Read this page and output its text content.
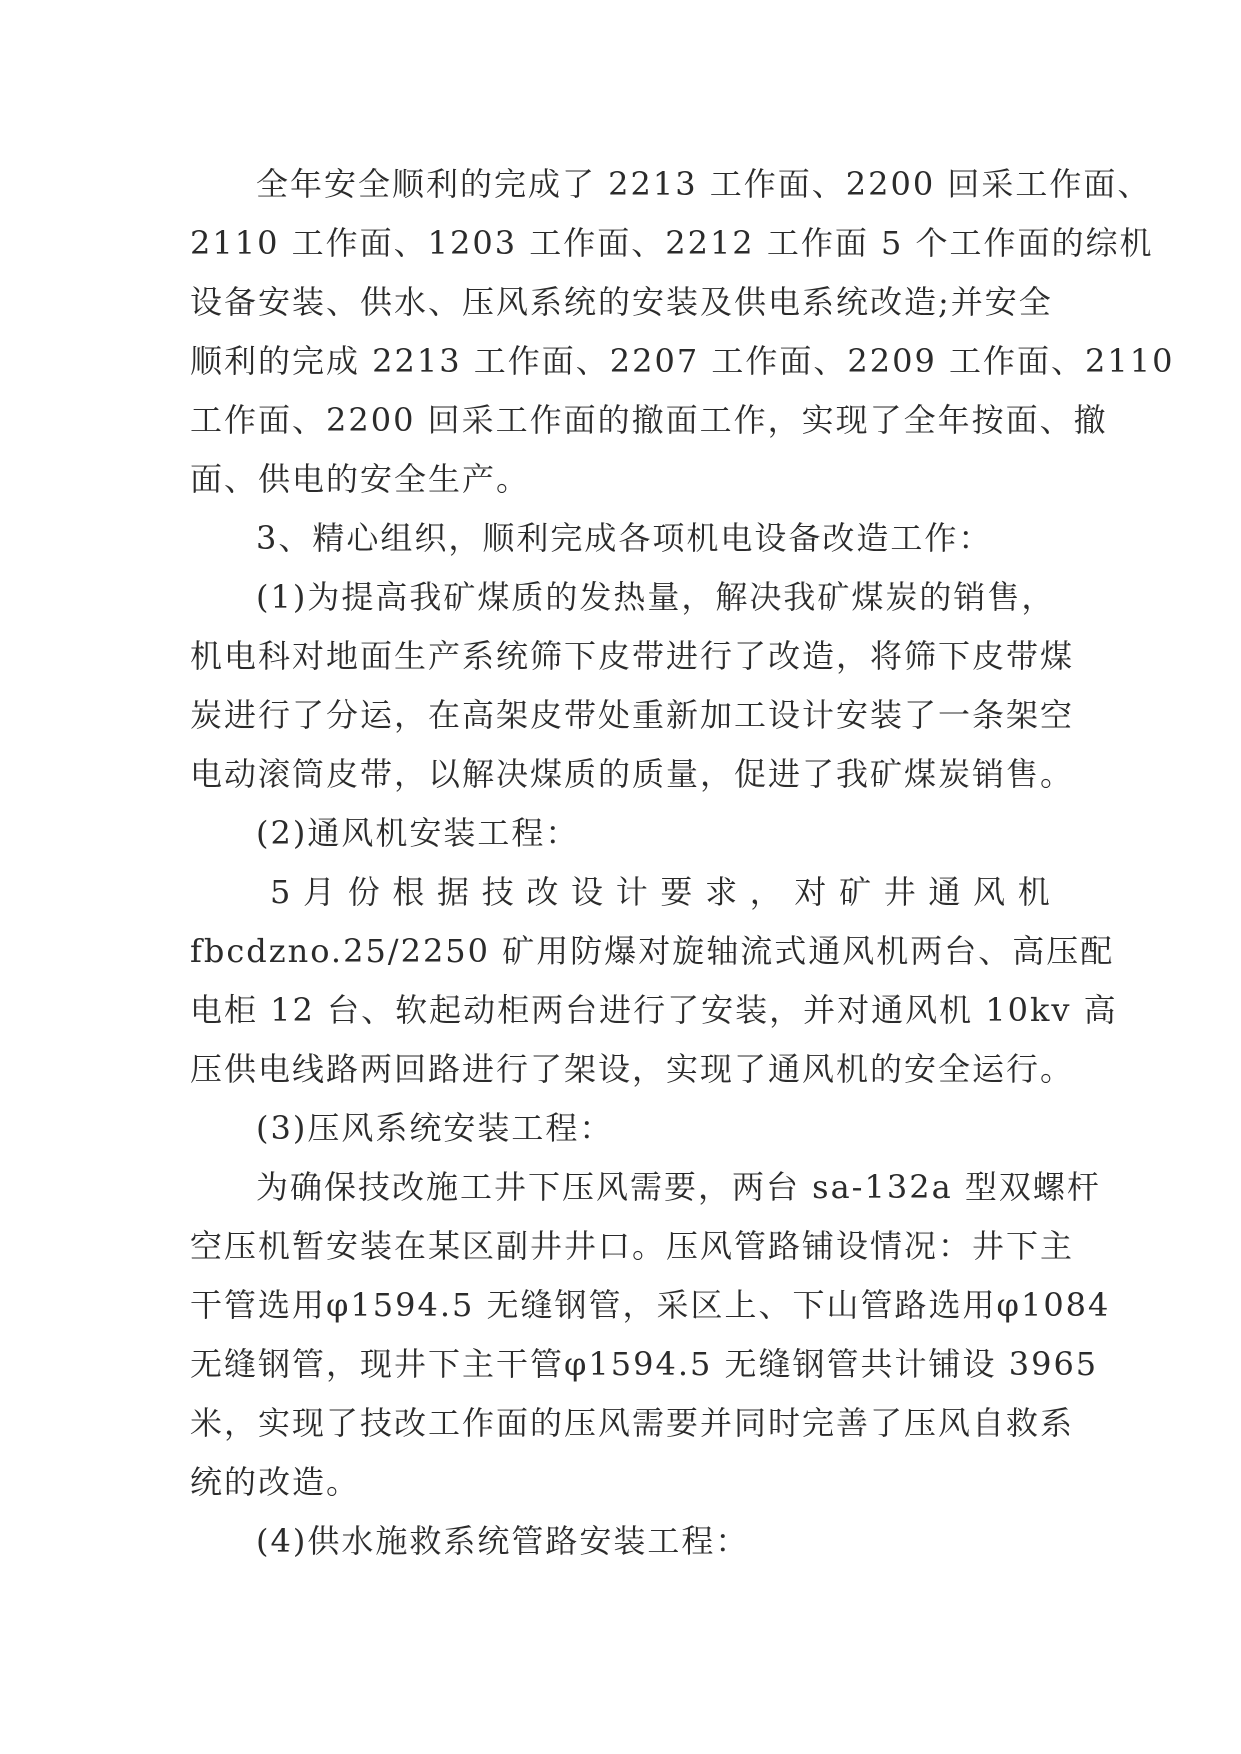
全年安全顺利的完成了 2213 工作面、2200 回采工作面、
2110 工作面、1203 工作面、2212 工作面 5 个工作面的综机
设备安装、供水、压风系统的安装及供电系统改造;并安全
顺利的完成 2213 工作面、2207 工作面、2209 工作面、2110
工作面、2200 回采工作面的撤面工作，实现了全年按面、撤
面、供电的安全生产。
3、精心组织，顺利完成各项机电设备改造工作：
(1)为提高我矿煤质的发热量，解决我矿煤炭的销售，
机电科对地面生产系统筛下皮带进行了改造，将筛下皮带煤
炭进行了分运，在高架皮带处重新加工设计安装了一条架空
电动滚筒皮带，以解决煤质的质量，促进了我矿煤炭销售。
(2)通风机安装工程：
5 月 份 根 据 技 改 设 计 要 求 ， 对 矿 井 通 风 机
fbcdzno.25/2250 矿用防爆对旋轴流式通风机两台、高压配
电柜 12 台、软起动柜两台进行了安装，并对通风机 10kv 高
压供电线路两回路进行了架设，实现了通风机的安全运行。
(3)压风系统安装工程：
为确保技改施工井下压风需要，两台 sa-132a 型双螺杆
空压机暂安装在某区副井井口。压风管路铺设情况：井下主
干管选用φ1594.5 无缝钢管，采区上、下山管路选用φ1084
无缝钢管，现井下主干管φ1594.5 无缝钢管共计铺设 3965
米，实现了技改工作面的压风需要并同时完善了压风自救系
统的改造。
(4)供水施救系统管路安装工程：
